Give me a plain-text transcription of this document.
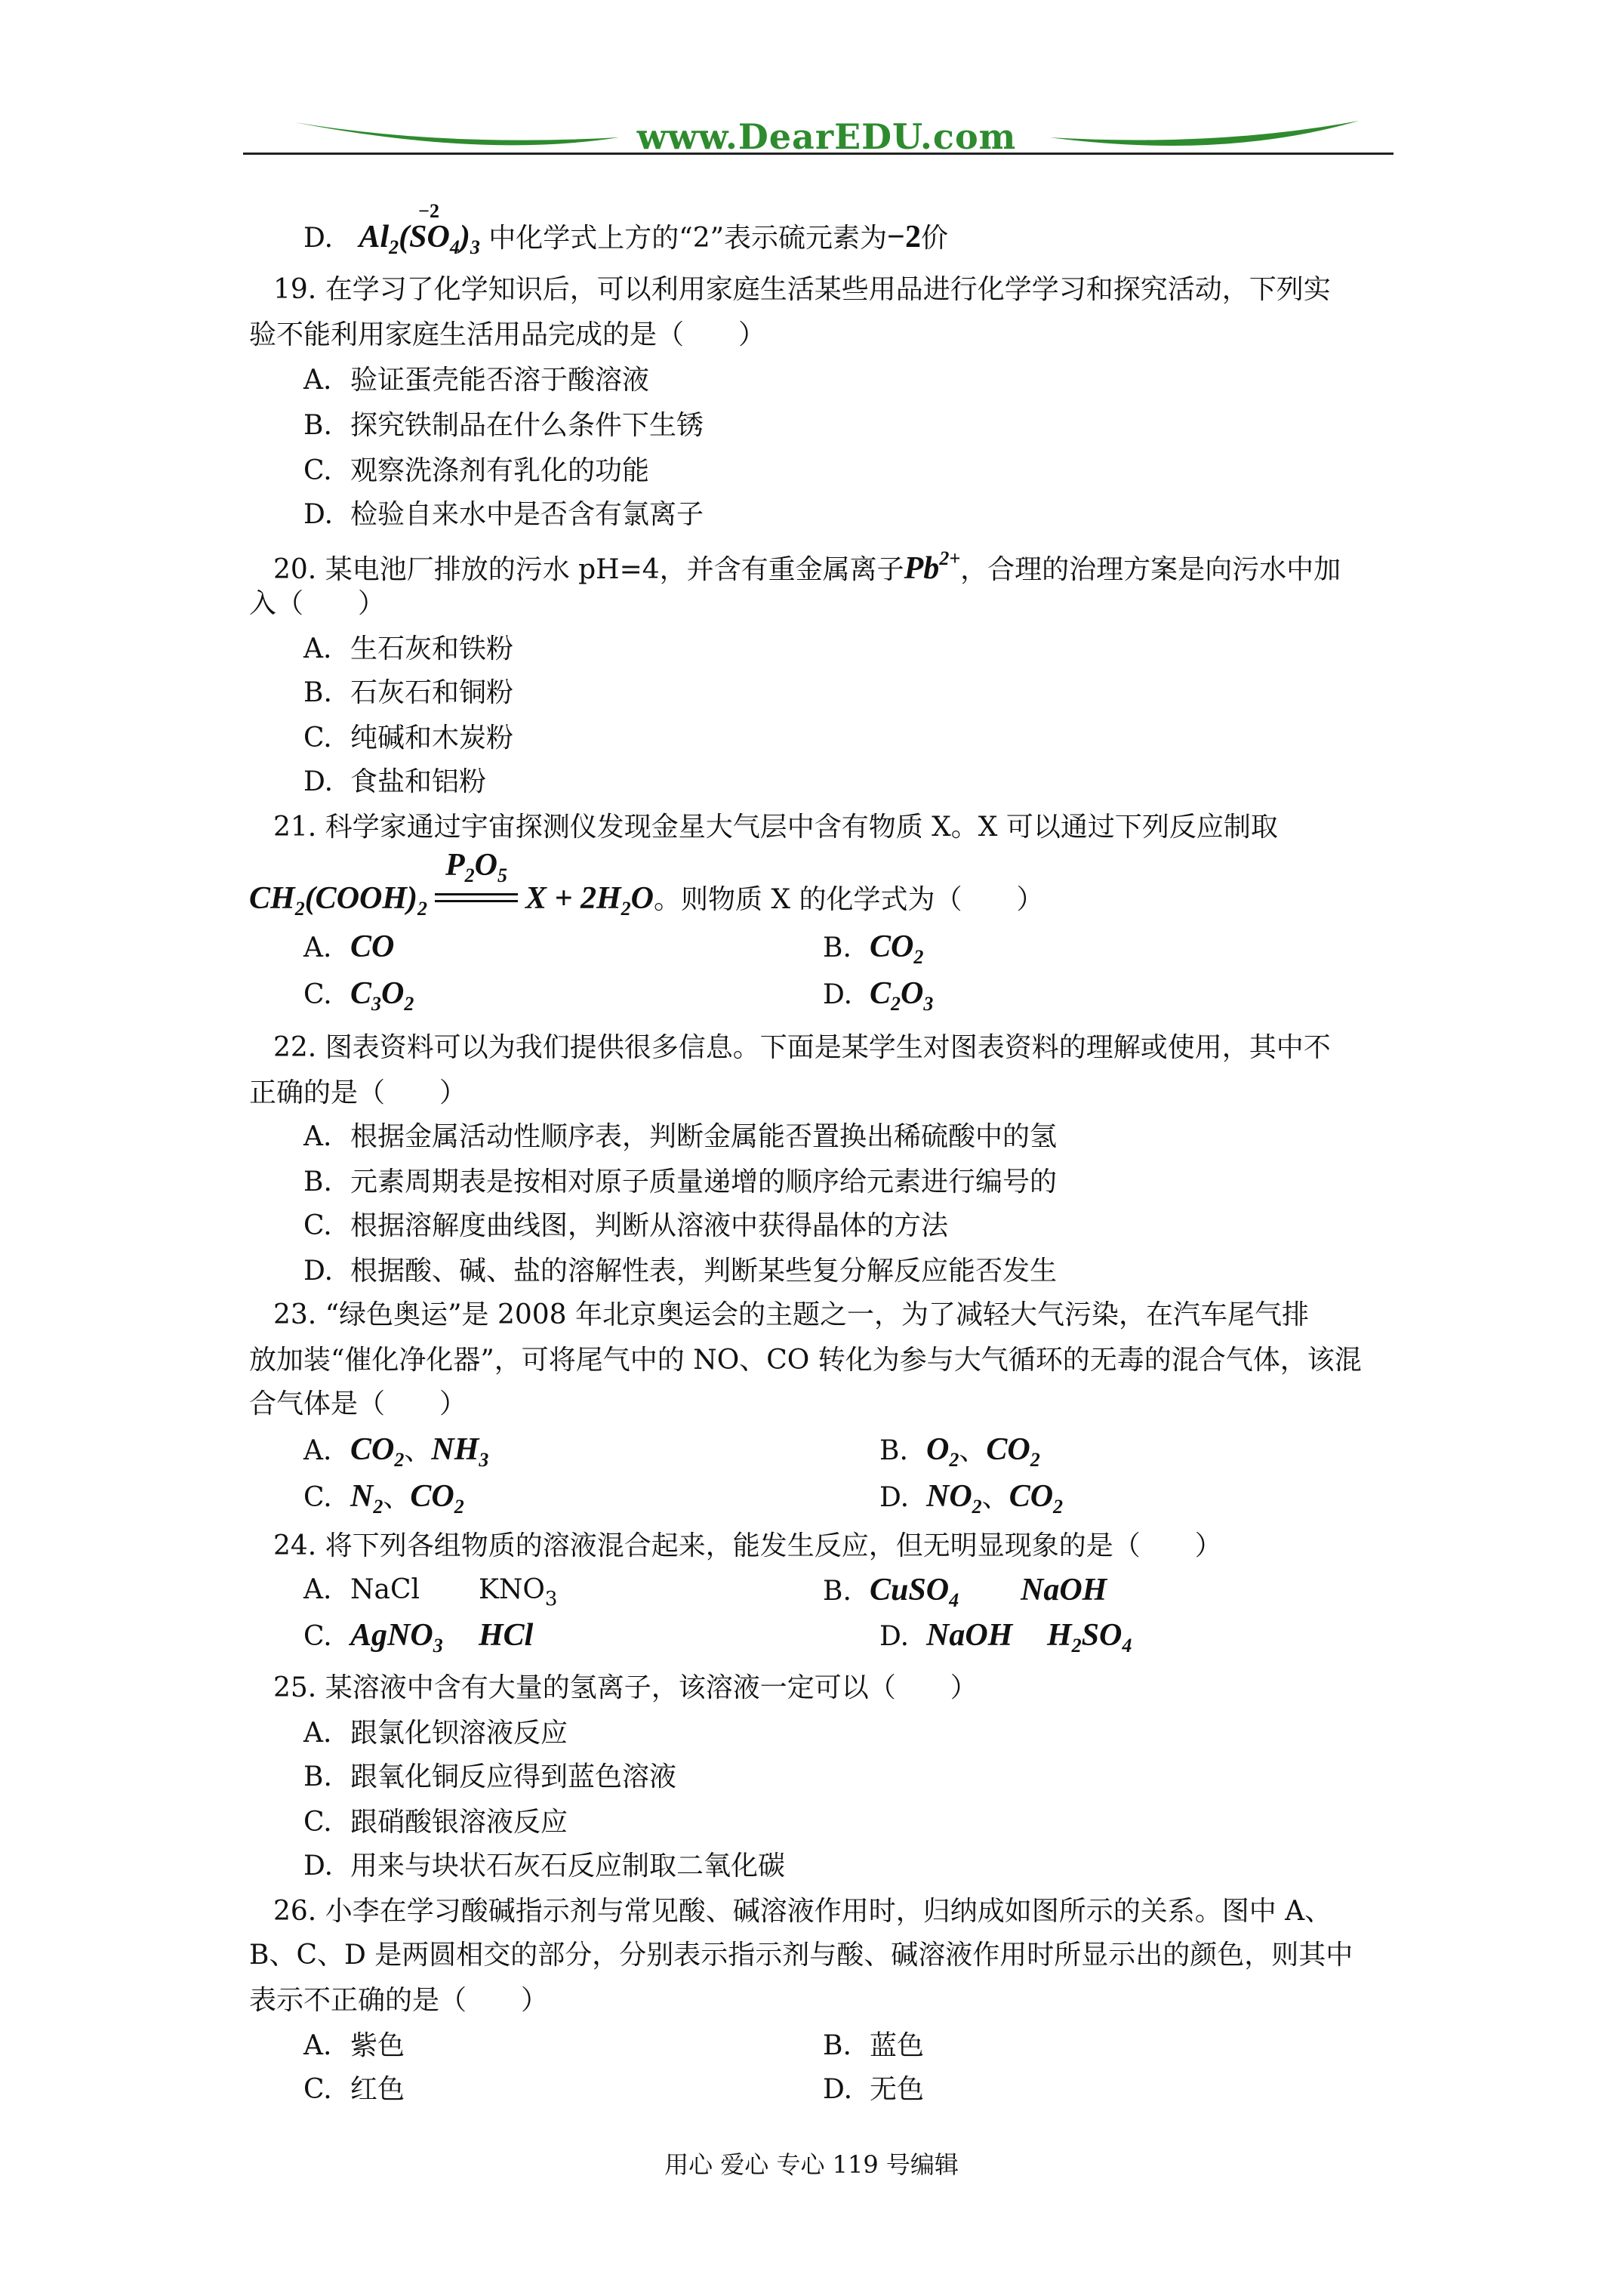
www.DearEDU.com
D. $Al_2(SO$
−2
$_4)_3$ 中化学式上方的“2”表示硫元素为−2价
19. 在学习了化学知识后，可以利用家庭生活某些用品进行化学学习和探究活动，下列实
验不能利用家庭生活用品完成的是（　　）
A. 验证蛋壳能否溶于酸溶液
B. 探究铁制品在什么条件下生锈
C. 观察洗涤剂有乳化的功能
D. 检验自来水中是否含有氯离子
20. 某电池厂排放的污水 pH=4，并含有重金属离子$Pb^{2+}$，合理的治理方案是向污水中加
入（　　）
A. 生石灰和铁粉
B. 石灰石和铜粉
C. 纯碱和木炭粉
D. 食盐和铝粉
21. 科学家通过宇宙探测仪发现金星大气层中含有物质 X。X 可以通过下列反应制取
$CH_2(COOH)_2$
$P_2O_5$
$X + 2H_2O$。则物质 X 的化学式为（　　）
A. CO	B. $CO_2$
C. $C_3O_2$	D. $C_2O_3$
22. 图表资料可以为我们提供很多信息。下面是某学生对图表资料的理解或使用，其中不
正确的是（　　）
A. 根据金属活动性顺序表，判断金属能否置换出稀硫酸中的氢
B. 元素周期表是按相对原子质量递增的顺序给元素进行编号的
C. 根据溶解度曲线图，判断从溶液中获得晶体的方法
D. 根据酸、碱、盐的溶解性表，判断某些复分解反应能否发生
23. “绿色奥运”是 2008 年北京奥运会的主题之一，为了减轻大气污染，在汽车尾气排
放加装“催化净化器”，可将尾气中的 NO、CO 转化为参与大气循环的无毒的混合气体，该混
合气体是（　　）
A. $CO_2$、$NH_3$	B. $O_2$、$CO_2$
C. $N_2$、$CO_2$	D. $NO_2$、$CO_2$
24. 将下列各组物质的溶液混合起来，能发生反应，但无明显现象的是（　　）
A. NaCl $KNO_3$	B. CuSO$_4$ NaOH
C. AgNO$_3$ HCl	D. NaOH $H_2SO_4$
25. 某溶液中含有大量的氢离子，该溶液一定可以（　　）
A. 跟氯化钡溶液反应
B. 跟氧化铜反应得到蓝色溶液
C. 跟硝酸银溶液反应
D. 用来与块状石灰石反应制取二氧化碳
26. 小李在学习酸碱指示剂与常见酸、碱溶液作用时，归纳成如图所示的关系。图中 A、
B、C、D 是两圆相交的部分，分别表示指示剂与酸、碱溶液作用时所显示出的颜色，则其中
表示不正确的是（　　）
A. 紫色	B. 蓝色
C. 红色	D. 无色
用心 爱心 专心 119 号编辑
